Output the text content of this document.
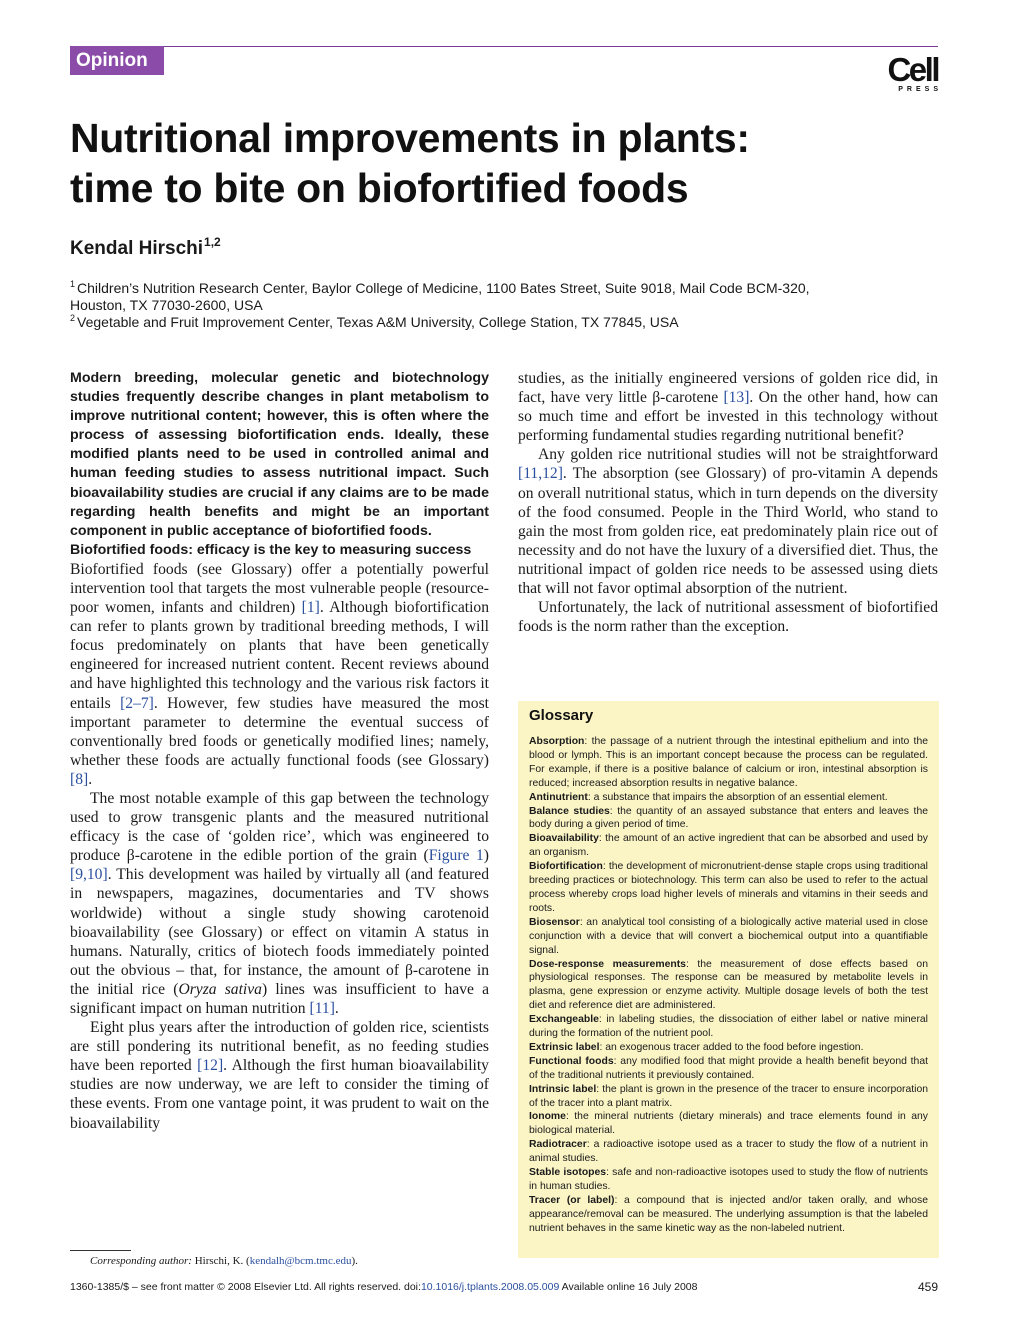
Opinion	Cell
PRESS
Nutritional improvements in plants:
time to bite on biofortified foods
Kendal Hirschi$^{1,2}$
$^1$ Children’s Nutrition Research Center, Baylor College of Medicine, 1100 Bates Street, Suite 9018, Mail Code BCM-320,
Houston, TX 77030-2600, USA
$^2$ Vegetable and Fruit Improvement Center, Texas A&M University, College Station, TX 77845, USA

Modern breeding, molecular genetic and biotechnology studies frequently describe changes in plant metabolism to improve nutritional content; however, this is often where the process of assessing biofortification ends. Ideally, these modified plants need to be used in controlled animal and human feeding studies to assess nutritional impact. Such bioavailability studies are crucial if any claims are to be made regarding health benefits and might be an important component in public acceptance of biofortified foods.

Biofortified foods: efficacy is the key to measuring success

Biofortified foods (see Glossary) offer a potentially powerful intervention tool that targets the most vulnerable people (resource-poor women, infants and children) [1]. Although biofortification can refer to plants grown by traditional breeding methods, I will focus predominately on plants that have been genetically engineered for increased nutrient content. Recent reviews abound and have highlighted this technology and the various risk factors it entails [2–7]. However, few studies have measured the most important parameter to determine the eventual success of conventionally bred foods or genetically modified lines; namely, whether these foods are actually functional foods (see Glossary) [8].

The most notable example of this gap between the technology used to grow transgenic plants and the measured nutritional efficacy is the case of ‘golden rice’, which was engineered to produce β-carotene in the edible portion of the grain (Figure 1) [9,10]. This development was hailed by virtually all (and featured in newspapers, magazines, documentaries and TV shows worldwide) without a single study showing carotenoid bioavailability (see Glossary) or effect on vitamin A status in humans. Naturally, critics of biotech foods immediately pointed out the obvious – that, for instance, the amount of β-carotene in the initial rice (Oryza sativa) lines was insufficient to have a significant impact on human nutrition [11].

Eight plus years after the introduction of golden rice, scientists are still pondering its nutritional benefit, as no feeding studies have been reported [12]. Although the first human bioavailability studies are now underway, we are left to consider the timing of these events. From one vantage point, it was prudent to wait on the bioavailability

studies, as the initially engineered versions of golden rice did, in fact, have very little β-carotene [13]. On the other hand, how can so much time and effort be invested in this technology without performing fundamental studies regarding nutritional benefit?

Any golden rice nutritional studies will not be straightforward [11,12]. The absorption (see Glossary) of pro-vitamin A depends on overall nutritional status, which in turn depends on the diversity of the food consumed. People in the Third World, who stand to gain the most from golden rice, eat predominately plain rice out of necessity and do not have the luxury of a diversified diet. Thus, the nutritional impact of golden rice needs to be assessed using diets that will not favor optimal absorption of the nutrient.

Unfortunately, the lack of nutritional assessment of biofortified foods is the norm rather than the exception.

Glossary

Absorption: the passage of a nutrient through the intestinal epithelium and into the blood or lymph. This is an important concept because the process can be regulated. For example, if there is a positive balance of calcium or iron, intestinal absorption is reduced; increased absorption results in negative balance.

Antinutrient: a substance that impairs the absorption of an essential element.

Balance studies: the quantity of an assayed substance that enters and leaves the body during a given period of time.

Bioavailability: the amount of an active ingredient that can be absorbed and used by an organism.

Biofortification: the development of micronutrient-dense staple crops using traditional breeding practices or biotechnology. This term can also be used to refer to the actual process whereby crops load higher levels of minerals and vitamins in their seeds and roots.

Biosensor: an analytical tool consisting of a biologically active material used in close conjunction with a device that will convert a biochemical output into a quantifiable signal.

Dose-response measurements: the measurement of dose effects based on physiological responses. The response can be measured by metabolite levels in plasma, gene expression or enzyme activity. Multiple dosage levels of both the test diet and reference diet are administered.

Exchangeable: in labeling studies, the dissociation of either label or native mineral during the formation of the nutrient pool.

Extrinsic label: an exogenous tracer added to the food before ingestion.

Functional foods: any modified food that might provide a health benefit beyond that of the traditional nutrients it previously contained.

Intrinsic label: the plant is grown in the presence of the tracer to ensure incorporation of the tracer into a plant matrix.

Ionome: the mineral nutrients (dietary minerals) and trace elements found in any biological material.

Radiotracer: a radioactive isotope used as a tracer to study the flow of a nutrient in animal studies.

Stable isotopes: safe and non-radioactive isotopes used to study the flow of nutrients in human studies.

Tracer (or label): a compound that is injected and/or taken orally, and whose appearance/removal can be measured. The underlying assumption is that the labeled nutrient behaves in the same kinetic way as the non-labeled nutrient.

Corresponding author: Hirschi, K. (kendalh@bcm.tmc.edu).
1360-1385/$ – see front matter © 2008 Elsevier Ltd. All rights reserved. doi:10.1016/j.tplants.2008.05.009 Available online 16 July 2008	459
